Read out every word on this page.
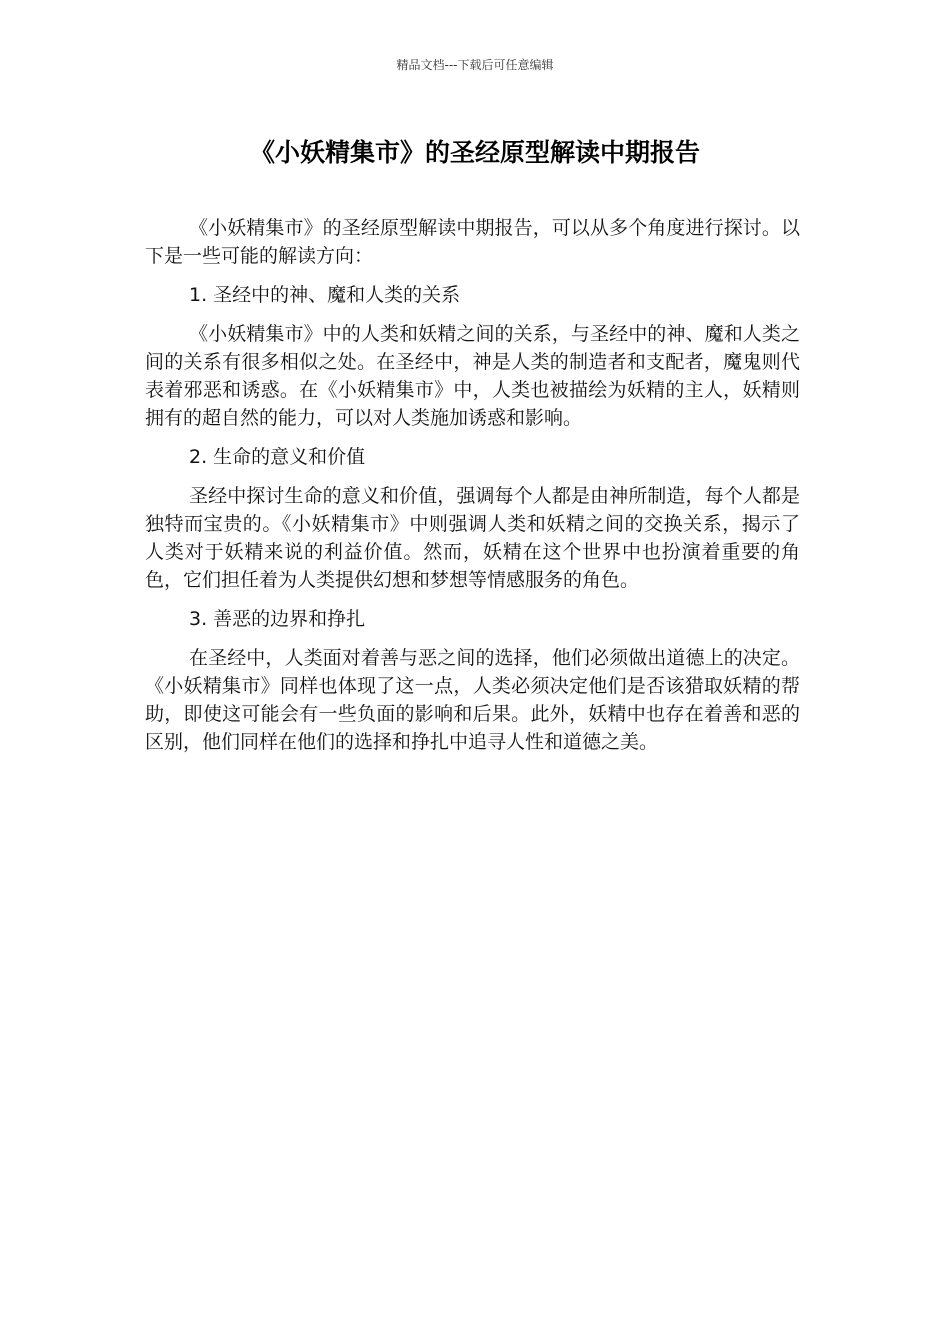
精品文档---下载后可任意编辑
《小妖精集市》的圣经原型解读中期报告

《小妖精集市》的圣经原型解读中期报告，可以从多个角度进行探讨。以下是一些可能的解读方向：

1. 圣经中的神、魔和人类的关系

《小妖精集市》中的人类和妖精之间的关系，与圣经中的神、魔和人类之间的关系有很多相似之处。在圣经中，神是人类的制造者和支配者，魔鬼则代表着邪恶和诱惑。在《小妖精集市》中，人类也被描绘为妖精的主人，妖精则拥有的超自然的能力，可以对人类施加诱惑和影响。

2. 生命的意义和价值

圣经中探讨生命的意义和价值，强调每个人都是由神所制造，每个人都是独特而宝贵的。《小妖精集市》中则强调人类和妖精之间的交换关系，揭示了人类对于妖精来说的利益价值。然而，妖精在这个世界中也扮演着重要的角色，它们担任着为人类提供幻想和梦想等情感服务的角色。

3. 善恶的边界和挣扎

在圣经中，人类面对着善与恶之间的选择，他们必须做出道德上的决定。《小妖精集市》同样也体现了这一点，人类必须决定他们是否该猎取妖精的帮助，即使这可能会有一些负面的影响和后果。此外，妖精中也存在着善和恶的区别，他们同样在他们的选择和挣扎中追寻人性和道德之美。
